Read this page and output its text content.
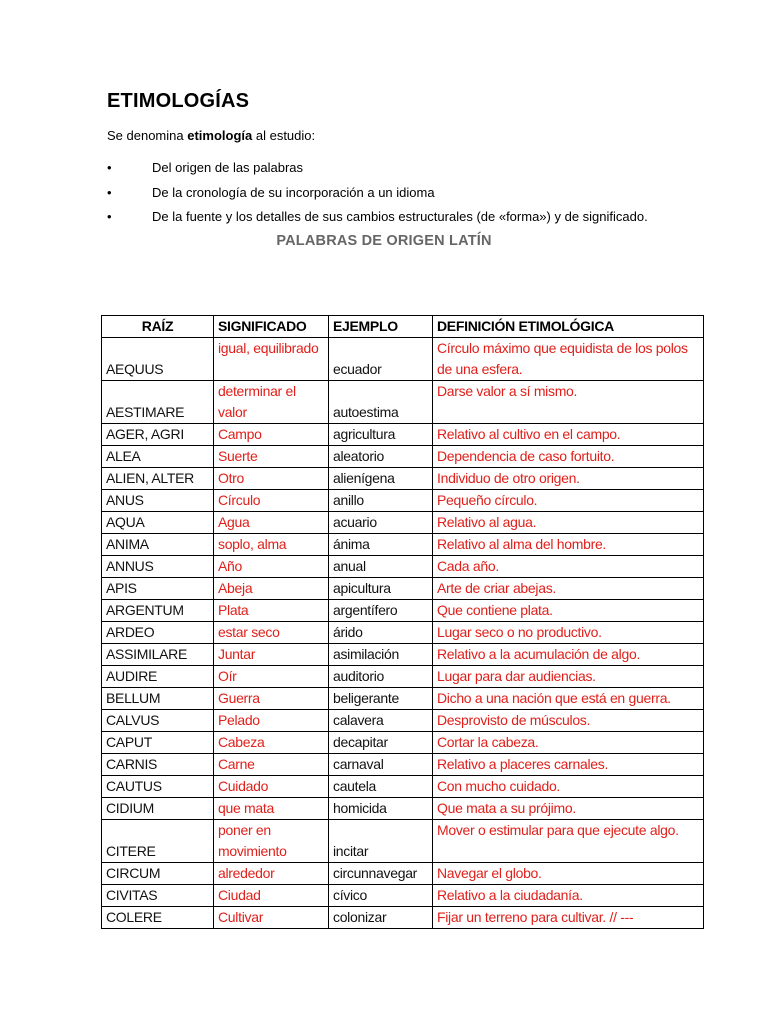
ETIMOLOGÍAS
Se denomina etimología al estudio:
•	Del origen de las palabras
•	De la cronología de su incorporación a un idioma
•	De la fuente y los detalles de sus cambios estructurales (de «forma») y de significado.
PALABRAS DE ORIGEN LATÍN
RAÍZ	SIGNIFICADO	EJEMPLO	DEFINICIÓN ETIMOLÓGICA
AEQUUS	igual, equilibrado	ecuador	Círculo máximo que equidista de los polos de una esfera.
AESTIMARE	determinar el valor	autoestima	Darse valor a sí mismo.
AGER, AGRI	Campo	agricultura	Relativo al cultivo en el campo.
ALEA	Suerte	aleatorio	Dependencia de caso fortuito.
ALIEN, ALTER	Otro	alienígena	Individuo de otro origen.
ANUS	Círculo	anillo	Pequeño círculo.
AQUA	Agua	acuario	Relativo al agua.
ANIMA	soplo, alma	ánima	Relativo al alma del hombre.
ANNUS	Año	anual	Cada año.
APIS	Abeja	apicultura	Arte de criar abejas.
ARGENTUM	Plata	argentífero	Que contiene plata.
ARDEO	estar seco	árido	Lugar seco o no productivo.
ASSIMILARE	Juntar	asimilación	Relativo a la acumulación de algo.
AUDIRE	Oír	auditorio	Lugar para dar audiencias.
BELLUM	Guerra	beligerante	Dicho a una nación que está en guerra.
CALVUS	Pelado	calavera	Desprovisto de músculos.
CAPUT	Cabeza	decapitar	Cortar la cabeza.
CARNIS	Carne	carnaval	Relativo a placeres carnales.
CAUTUS	Cuidado	cautela	Con mucho cuidado.
CIDIUM	que mata	homicida	Que mata a su prójimo.
CITERE	poner en movimiento	incitar	Mover o estimular para que ejecute algo.
CIRCUM	alrededor	circunnavegar	Navegar el globo.
CIVITAS	Ciudad	cívico	Relativo a la ciudadanía.
COLERE	Cultivar	colonizar	Fijar un terreno para cultivar. // ---
